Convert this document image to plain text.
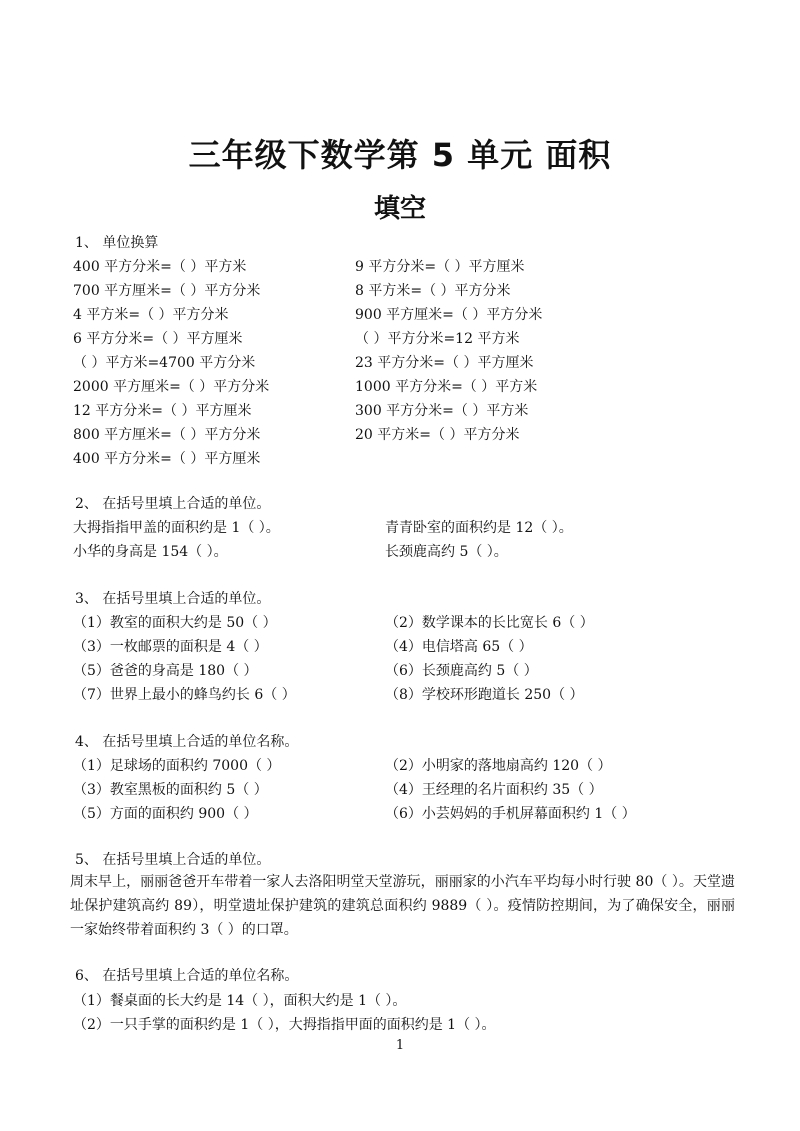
三年级下数学第 5 单元 面积
填空
1、 单位换算
400 平方分米=（ ）平方米
700 平方厘米=（ ）平方分米
4 平方米=（ ）平方分米
6 平方分米=（ ）平方厘米
（ ）平方米=4700 平方分米
2000 平方厘米=（ ）平方分米
12 平方分米=（ ）平方厘米
800 平方厘米=（ ）平方分米
400 平方分米=（ ）平方厘米
9 平方分米=（ ）平方厘米
8 平方米=（ ）平方分米
900 平方厘米=（ ）平方分米
（ ）平方分米=12 平方米
23 平方分米=（ ）平方厘米
1000 平方分米=（ ）平方米
300 平方分米=（ ）平方米
20 平方米=（ ）平方分米
2、 在括号里填上合适的单位。
大拇指指甲盖的面积约是 1（ ）。
小华的身高是 154（ ）。
青青卧室的面积约是 12（ ）。
长颈鹿高约 5（ ）。
3、 在括号里填上合适的单位。
（1）教室的面积大约是 50（ ）
（3）一枚邮票的面积是 4（ ）
（5）爸爸的身高是 180（ ）
（7）世界上最小的蜂鸟约长 6（ ）
（2）数学课本的长比宽长 6（ ）
（4）电信塔高 65（ ）
（6）长颈鹿高约 5（ ）
（8）学校环形跑道长 250（ ）
4、 在括号里填上合适的单位名称。
（1）足球场的面积约 7000（ ）
（3）教室黑板的面积约 5（ ）
（5）方面的面积约 900（ ）
（2）小明家的落地扇高约 120（ ）
（4）王经理的名片面积约 35（ ）
（6）小芸妈妈的手机屏幕面积约 1（ ）
5、 在括号里填上合适的单位。
周末早上，丽丽爸爸开车带着一家人去洛阳明堂天堂游玩，丽丽家的小汽车平均每小时行驶 80（ ）。天堂遗址保护建筑高约 89），明堂遗址保护建筑的建筑总面积约 9889（ ）。疫情防控期间，为了确保安全，丽丽一家始终带着面积约 3（ ）的口罩。
6、 在括号里填上合适的单位名称。
（1）餐桌面的长大约是 14（ ），面积大约是 1（ ）。
（2）一只手掌的面积约是 1（ ），大拇指指甲面的面积约是 1（ ）。
1
